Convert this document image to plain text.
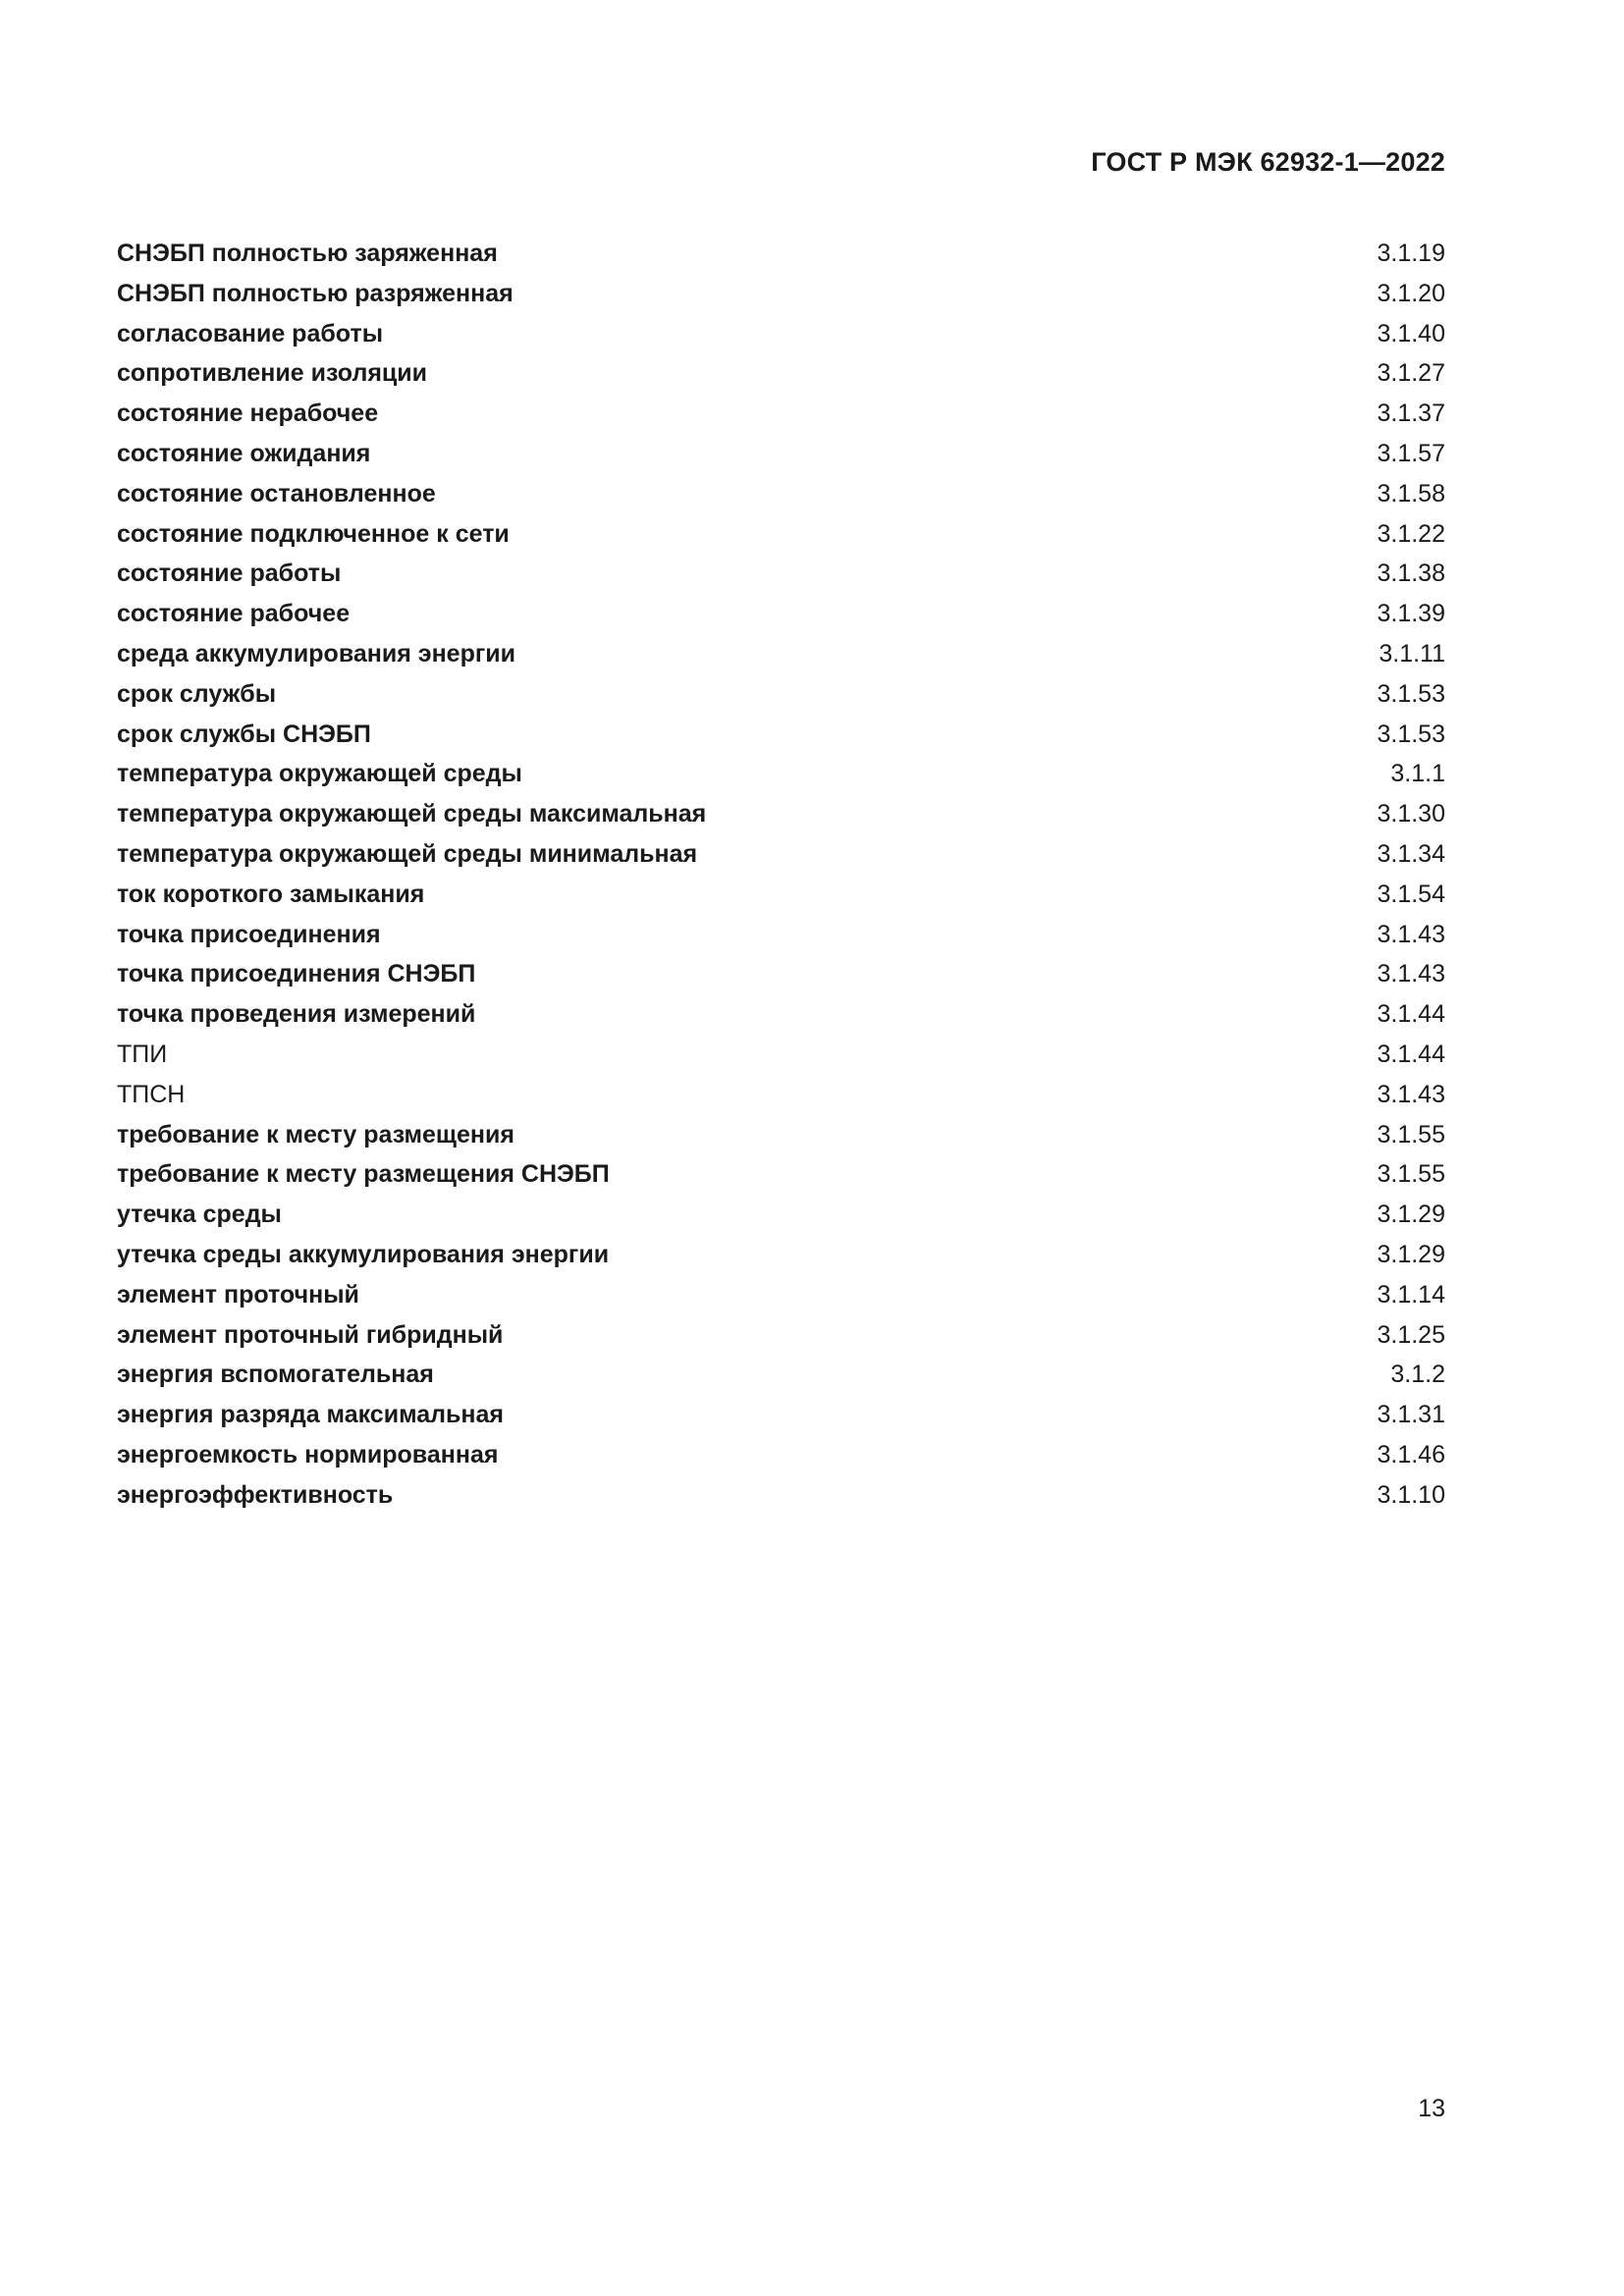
ГОСТ Р МЭК 62932-1—2022
СНЭБП полностью заряженная	3.1.19
СНЭБП полностью разряженная	3.1.20
согласование работы	3.1.40
сопротивление изоляции	3.1.27
состояние нерабочее	3.1.37
состояние ожидания	3.1.57
состояние остановленное	3.1.58
состояние подключенное к сети	3.1.22
состояние работы	3.1.38
состояние рабочее	3.1.39
среда аккумулирования энергии	3.1.11
срок службы	3.1.53
срок службы СНЭБП	3.1.53
температура окружающей среды	3.1.1
температура окружающей среды максимальная	3.1.30
температура окружающей среды минимальная	3.1.34
ток короткого замыкания	3.1.54
точка присоединения	3.1.43
точка присоединения СНЭБП	3.1.43
точка проведения измерений	3.1.44
ТПИ	3.1.44
ТПСН	3.1.43
требование к месту размещения	3.1.55
требование к месту размещения СНЭБП	3.1.55
утечка среды	3.1.29
утечка среды аккумулирования энергии	3.1.29
элемент проточный	3.1.14
элемент проточный гибридный	3.1.25
энергия вспомогательная	3.1.2
энергия разряда максимальная	3.1.31
энергоемкость нормированная	3.1.46
энергоэффективность	3.1.10
13
